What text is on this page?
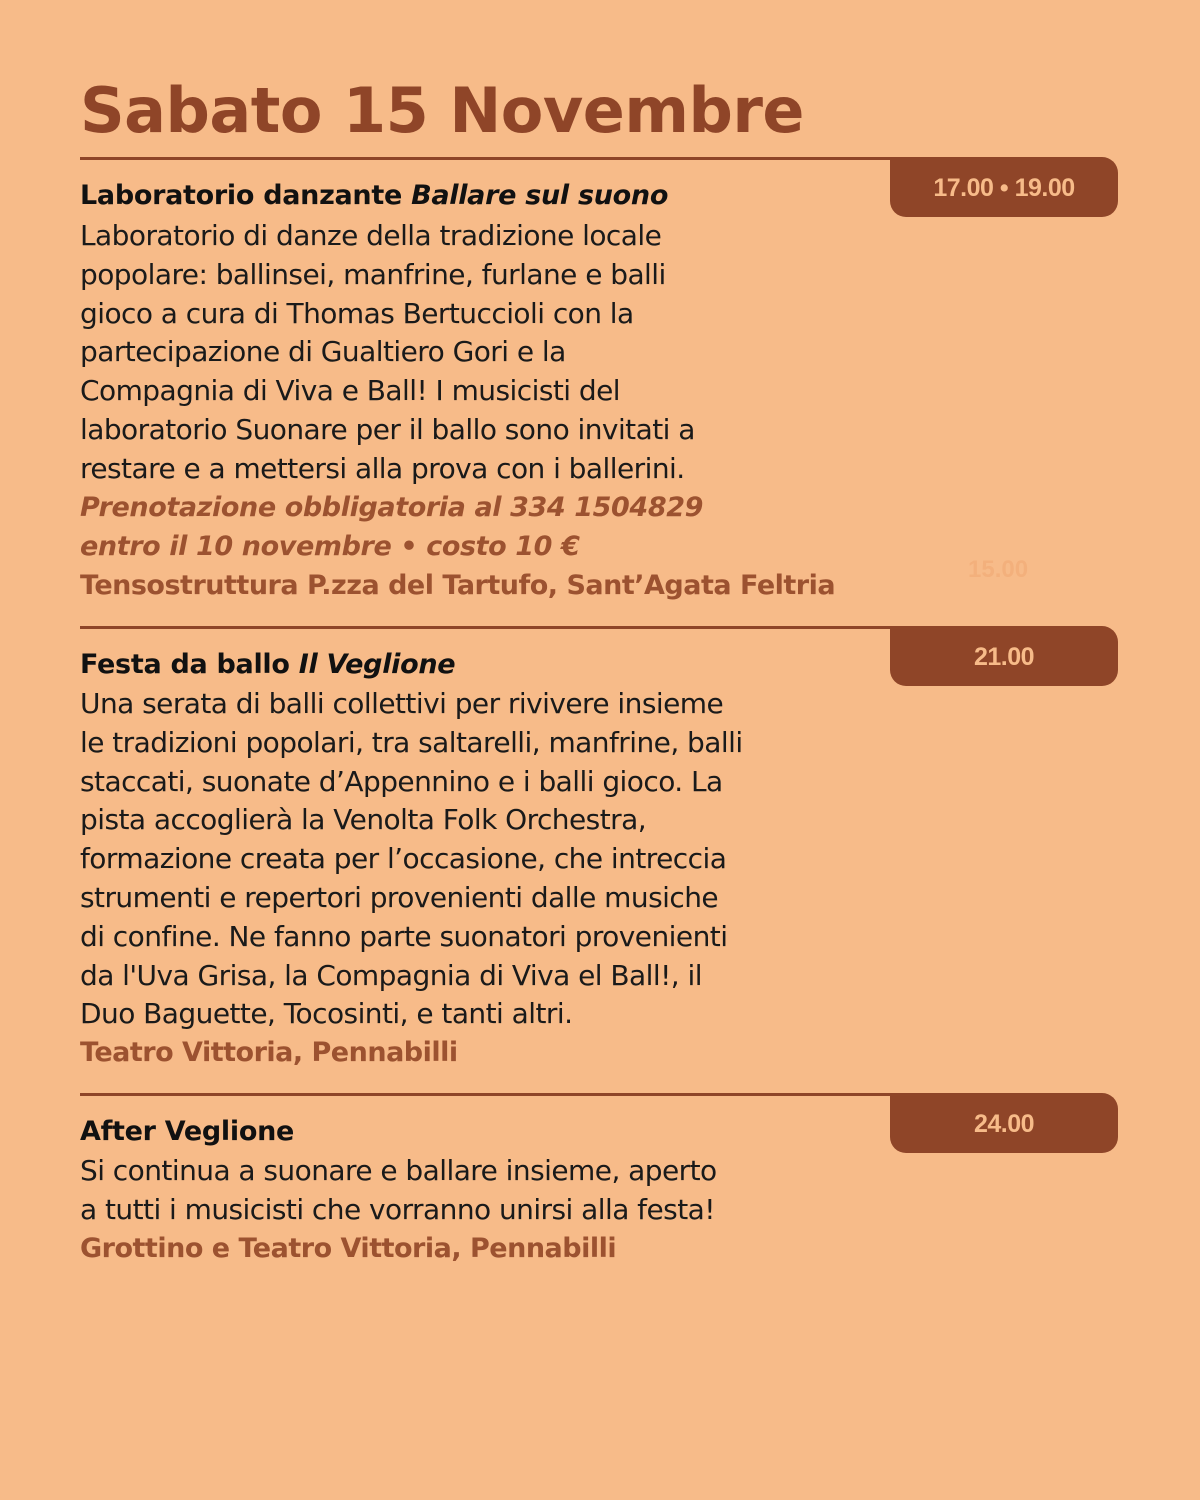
Sabato 15 Novembre
17.00 • 19.00
Laboratorio danzante Ballare sul suono

Laboratorio di danze della tradizione locale
popolare: ballinsei, manfrine, furlane e balli
gioco a cura di Thomas Bertuccioli con la
partecipazione di Gualtiero Gori e la
Compagnia di Viva e Ball! I musicisti del
laboratorio Suonare per il ballo sono invitati a
restare e a mettersi alla prova con i ballerini.

Prenotazione obbligatoria al 334 1504829
entro il 10 novembre • costo 10 €

Tensostruttura P.zza del Tartufo, Sant’Agata Feltria

15.00
21.00
Festa da ballo Il Veglione

Una serata di balli collettivi per rivivere insieme
le tradizioni popolari, tra saltarelli, manfrine, balli
staccati, suonate d’Appennino e i balli gioco. La
pista accoglierà la Venolta Folk Orchestra,
formazione creata per l’occasione, che intreccia
strumenti e repertori provenienti dalle musiche
di confine. Ne fanno parte suonatori provenienti
da l'Uva Grisa, la Compagnia di Viva el Ball!, il
Duo Baguette, Tocosinti, e tanti altri.

Teatro Vittoria, Pennabilli

24.00
After Veglione

Si continua a suonare e ballare insieme, aperto
a tutti i musicisti che vorranno unirsi alla festa!

Grottino e Teatro Vittoria, Pennabilli
